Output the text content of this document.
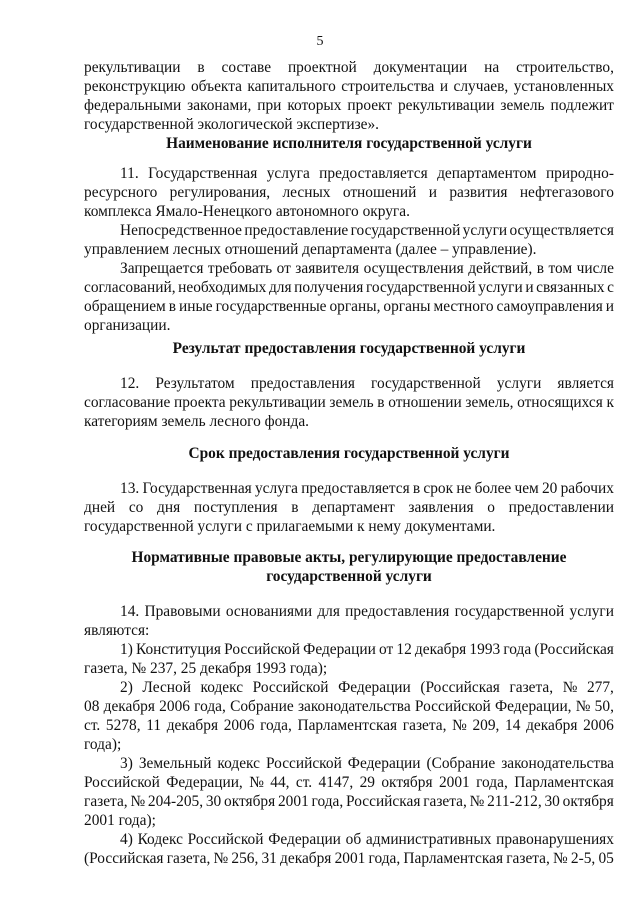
5
рекультивации в составе проектной документации на строительство,
реконструкцию объекта капитального строительства и случаев, установленных
федеральными законами, при которых проект рекультивации земель подлежит
государственной экологической экспертизе».
Наименование исполнителя государственной услуги
11. Государственная услуга предоставляется департаментом природно-
ресурсного регулирования, лесных отношений и развития нефтегазового
комплекса Ямало-Ненецкого автономного округа.
Непосредственное предоставление государственной услуги осуществляется
управлением лесных отношений департамента (далее – управление).
Запрещается требовать от заявителя осуществления действий, в том числе
согласований, необходимых для получения государственной услуги и связанных с
обращением в иные государственные органы, органы местного самоуправления и
организации.
Результат предоставления государственной услуги
12. Результатом предоставления государственной услуги является
согласование проекта рекультивации земель в отношении земель, относящихся к
категориям земель лесного фонда.
Срок предоставления государственной услуги
13. Государственная услуга предоставляется в срок не более чем 20 рабочих
дней со дня поступления в департамент заявления о предоставлении
государственной услуги с прилагаемыми к нему документами.
Нормативные правовые акты, регулирующие предоставление
государственной услуги
14. Правовыми основаниями для предоставления государственной услуги
являются:
1) Конституция Российской Федерации от 12 декабря 1993 года (Российская
газета, № 237, 25 декабря 1993 года);
2) Лесной кодекс Российской Федерации (Российская газета, № 277,
08 декабря 2006 года, Собрание законодательства Российской Федерации, № 50,
ст. 5278, 11 декабря 2006 года, Парламентская газета, № 209, 14 декабря 2006
года);
3) Земельный кодекс Российской Федерации (Собрание законодательства
Российской Федерации, № 44, ст. 4147, 29 октября 2001 года, Парламентская
газета, № 204-205, 30 октября 2001 года, Российская газета, № 211-212, 30 октября
2001 года);
4) Кодекс Российской Федерации об административных правонарушениях
(Российская газета, № 256, 31 декабря 2001 года, Парламентская газета, № 2-5, 05
